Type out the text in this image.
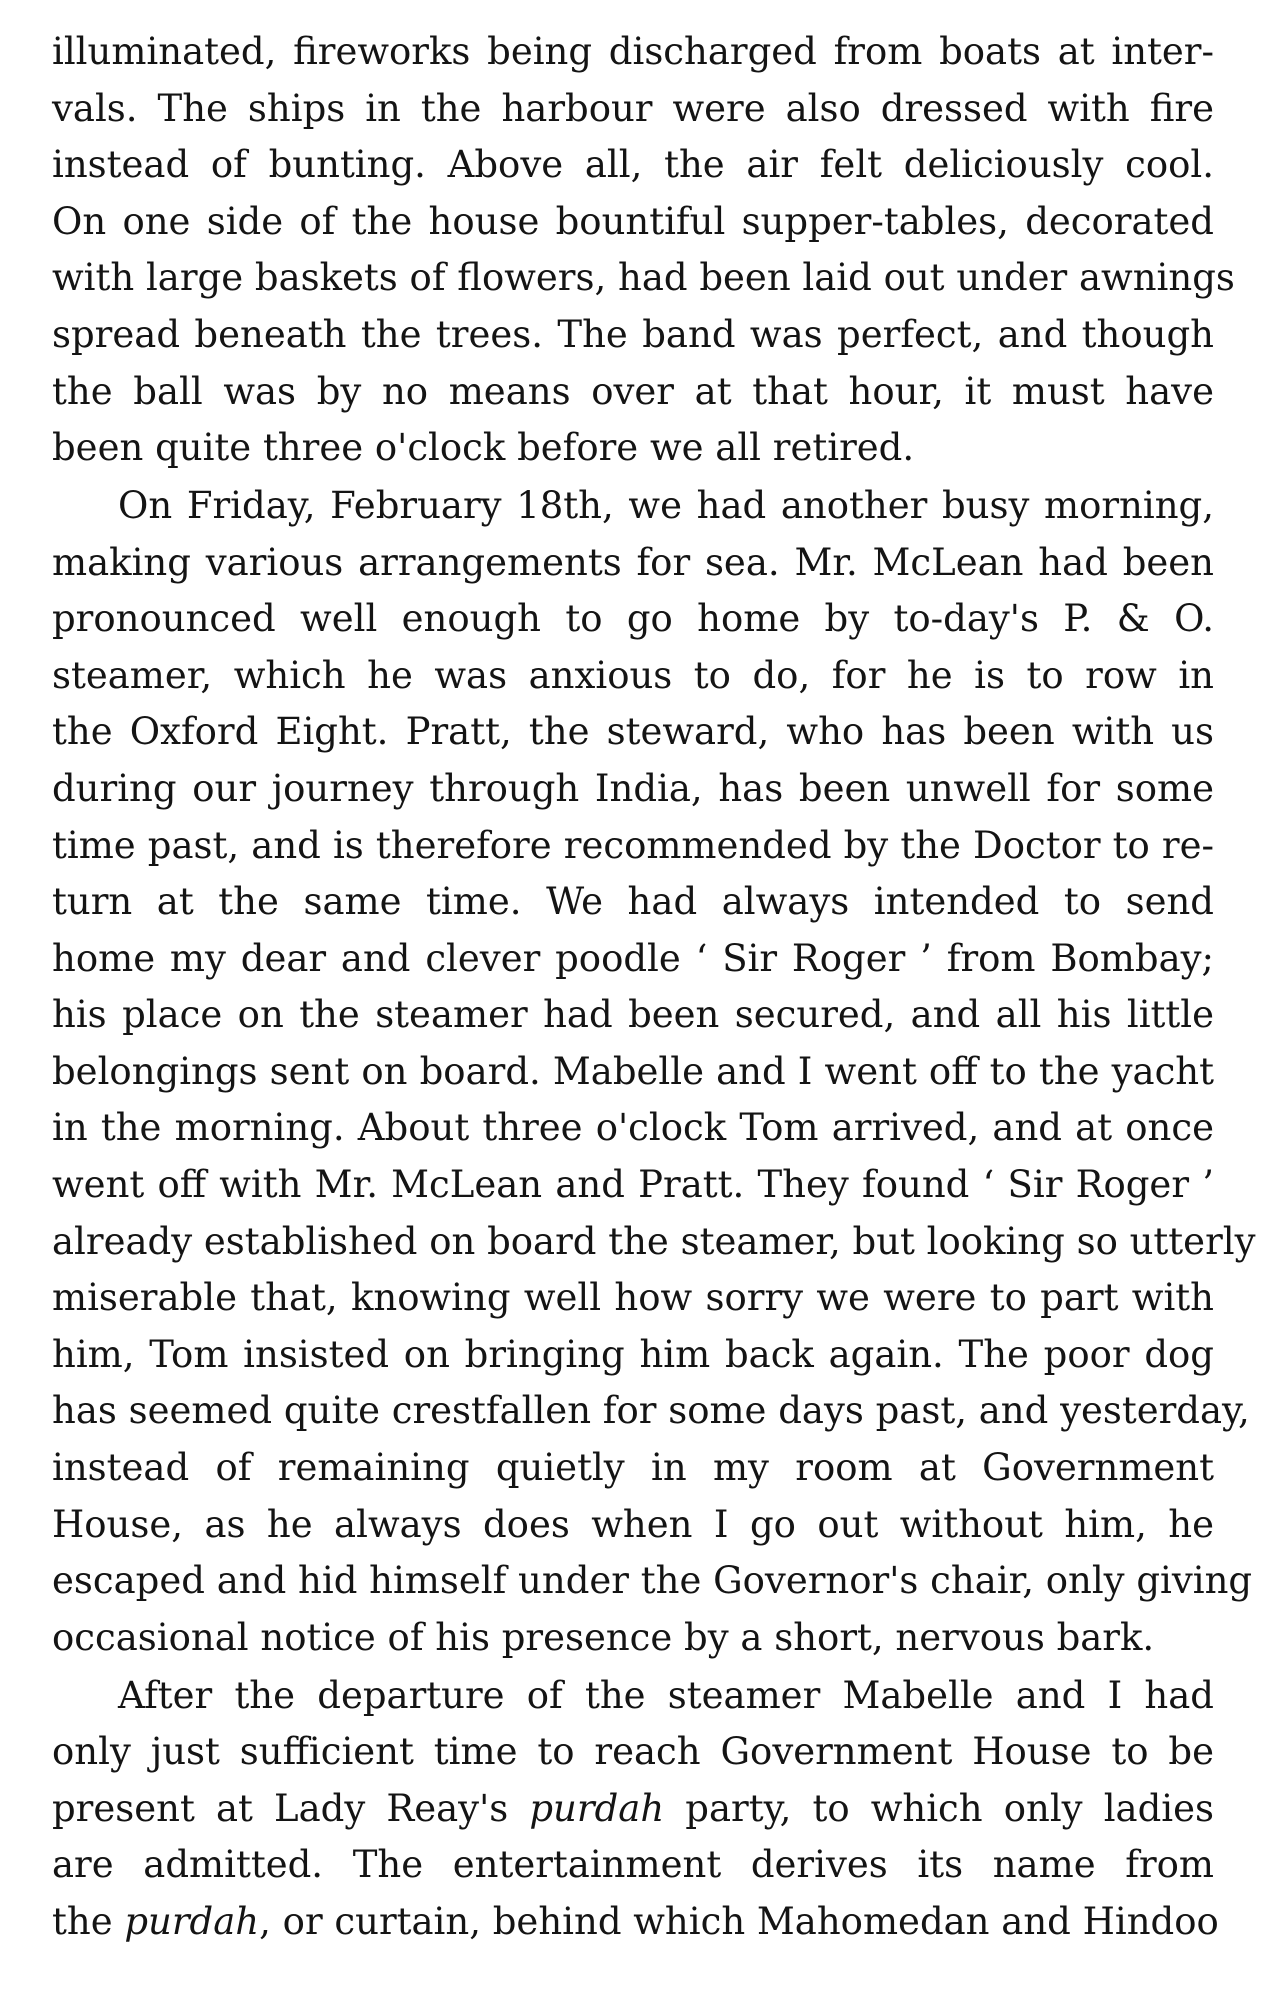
illuminated, fireworks being discharged from boats at inter-
vals. The ships in the harbour were also dressed with fire
instead of bunting. Above all, the air felt deliciously cool.
On one side of the house bountiful supper-tables, decorated
with large baskets of flowers, had been laid out under awnings
spread beneath the trees. The band was perfect, and though
the ball was by no means over at that hour, it must have
been quite three o'clock before we all retired.
On Friday, February 18th, we had another busy morning,
making various arrangements for sea. Mr. McLean had been
pronounced well enough to go home by to-day's P. & O.
steamer, which he was anxious to do, for he is to row in
the Oxford Eight. Pratt, the steward, who has been with us
during our journey through India, has been unwell for some
time past, and is therefore recommended by the Doctor to re-
turn at the same time. We had always intended to send
home my dear and clever poodle ‘ Sir Roger ’ from Bombay;
his place on the steamer had been secured, and all his little
belongings sent on board. Mabelle and I went off to the yacht
in the morning. About three o'clock Tom arrived, and at once
went off with Mr. McLean and Pratt. They found ‘ Sir Roger ’
already established on board the steamer, but looking so utterly
miserable that, knowing well how sorry we were to part with
him, Tom insisted on bringing him back again. The poor dog
has seemed quite crestfallen for some days past, and yesterday,
instead of remaining quietly in my room at Government
House, as he always does when I go out without him, he
escaped and hid himself under the Governor's chair, only giving
occasional notice of his presence by a short, nervous bark.
After the departure of the steamer Mabelle and I had
only just sufficient time to reach Government House to be
present at Lady Reay's purdah party, to which only ladies
are admitted. The entertainment derives its name from
the purdah, or curtain, behind which Mahomedan and Hindoo
